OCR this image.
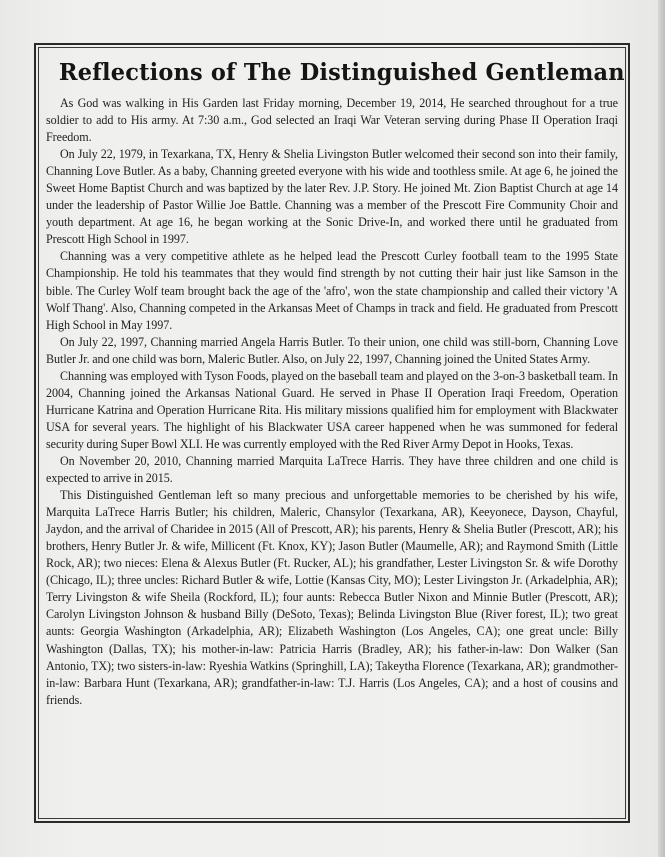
Reflections of The Distinguished Gentleman

As God was walking in His Garden last Friday morning, December 19, 2014, He searched throughout for a true soldier to add to His army. At 7:30 a.m., God selected an Iraqi War Veteran serving during Phase II Operation Iraqi Freedom.

On July 22, 1979, in Texarkana, TX, Henry & Shelia Livingston Butler welcomed their second son into their family, Channing Love Butler. As a baby, Channing greeted everyone with his wide and toothless smile. At age 6, he joined the Sweet Home Baptist Church and was baptized by the later Rev. J.P. Story. He joined Mt. Zion Baptist Church at age 14 under the leadership of Pastor Willie Joe Battle. Channing was a member of the Prescott Fire Community Choir and youth department. At age 16, he began working at the Sonic Drive-In, and worked there until he graduated from Prescott High School in 1997.

Channing was a very competitive athlete as he helped lead the Prescott Curley football team to the 1995 State Championship. He told his teammates that they would find strength by not cutting their hair just like Samson in the bible. The Curley Wolf team brought back the age of the 'afro', won the state championship and called their victory 'A Wolf Thang'. Also, Channing competed in the Arkansas Meet of Champs in track and field. He graduated from Prescott High School in May 1997.

On July 22, 1997, Channing married Angela Harris Butler. To their union, one child was still-born, Channing Love Butler Jr. and one child was born, Maleric Butler. Also, on July 22, 1997, Channing joined the United States Army.

Channing was employed with Tyson Foods, played on the baseball team and played on the 3-on-3 basketball team. In 2004, Channing joined the Arkansas National Guard. He served in Phase II Operation Iraqi Freedom, Operation Hurricane Katrina and Operation Hurricane Rita. His military missions qualified him for employment with Blackwater USA for several years. The highlight of his Blackwater USA career happened when he was summoned for federal security during Super Bowl XLI. He was currently employed with the Red River Army Depot in Hooks, Texas.

On November 20, 2010, Channing married Marquita LaTrece Harris. They have three children and one child is expected to arrive in 2015.

This Distinguished Gentleman left so many precious and unforgettable memories to be cherished by his wife, Marquita LaTrece Harris Butler; his children, Maleric, Chansylor (Texarkana, AR), Keeyonece, Dayson, Chayful, Jaydon, and the arrival of Charidee in 2015 (All of Prescott, AR); his parents, Henry & Shelia Butler (Prescott, AR); his brothers, Henry Butler Jr. & wife, Millicent (Ft. Knox, KY); Jason Butler (Maumelle, AR); and Raymond Smith (Little Rock, AR); two nieces: Elena & Alexus Butler (Ft. Rucker, AL); his grandfather, Lester Livingston Sr. & wife Dorothy (Chicago, IL); three uncles: Richard Butler & wife, Lottie (Kansas City, MO); Lester Livingston Jr. (Arkadelphia, AR); Terry Livingston & wife Sheila (Rockford, IL); four aunts: Rebecca Butler Nixon and Minnie Butler (Prescott, AR); Carolyn Livingston Johnson & husband Billy (DeSoto, Texas); Belinda Livingston Blue (River forest, IL); two great aunts: Georgia Washington (Arkadelphia, AR); Elizabeth Washington (Los Angeles, CA); one great uncle: Billy Washington (Dallas, TX); his mother-in-law: Patricia Harris (Bradley, AR); his father-in-law: Don Walker (San Antonio, TX); two sisters-in-law: Ryeshia Watkins (Springhill, LA); Takeytha Florence (Texarkana, AR); grandmother-in-law: Barbara Hunt (Texarkana, AR); grandfather-in-law: T.J. Harris (Los Angeles, CA); and a host of cousins and friends.
